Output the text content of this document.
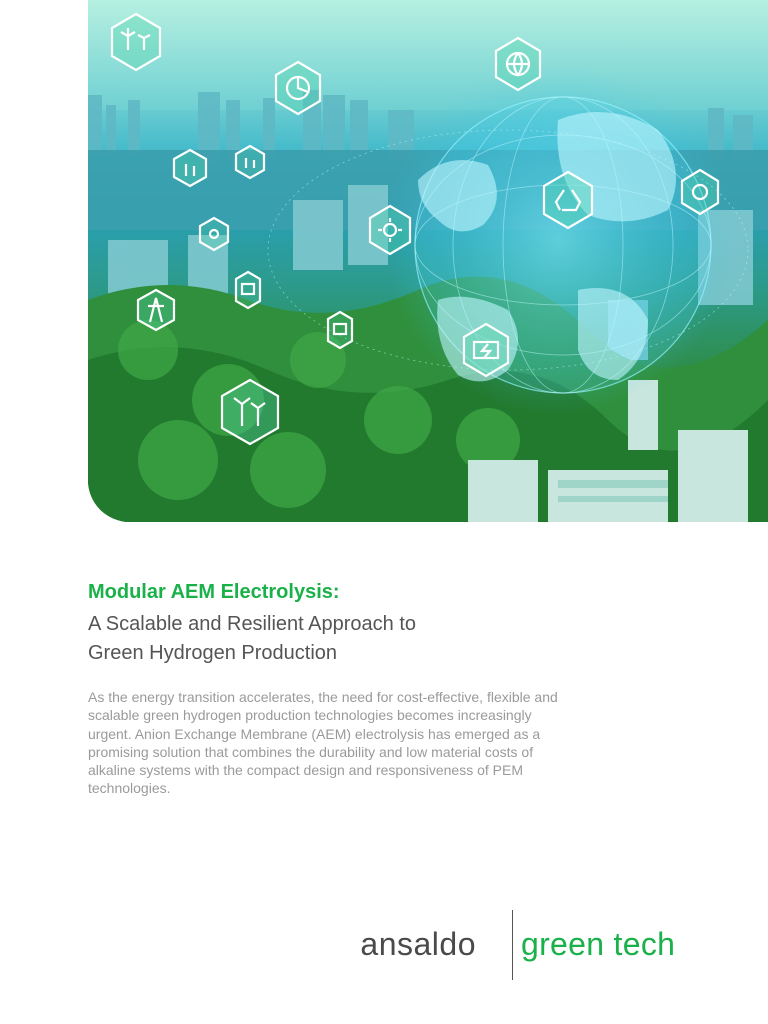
Modular AEM Electrolysis:
A Scalable and Resilient Approach to
Green Hydrogen Production

As the energy transition accelerates, the need for cost-effective, flexible and scalable green hydrogen production technologies becomes increasingly urgent. Anion Exchange Membrane (AEM) electrolysis has emerged as a promising solution that combines the durability and low material costs of alkaline systems with the compact design and responsiveness of PEM technologies.

ansaldo green tech
